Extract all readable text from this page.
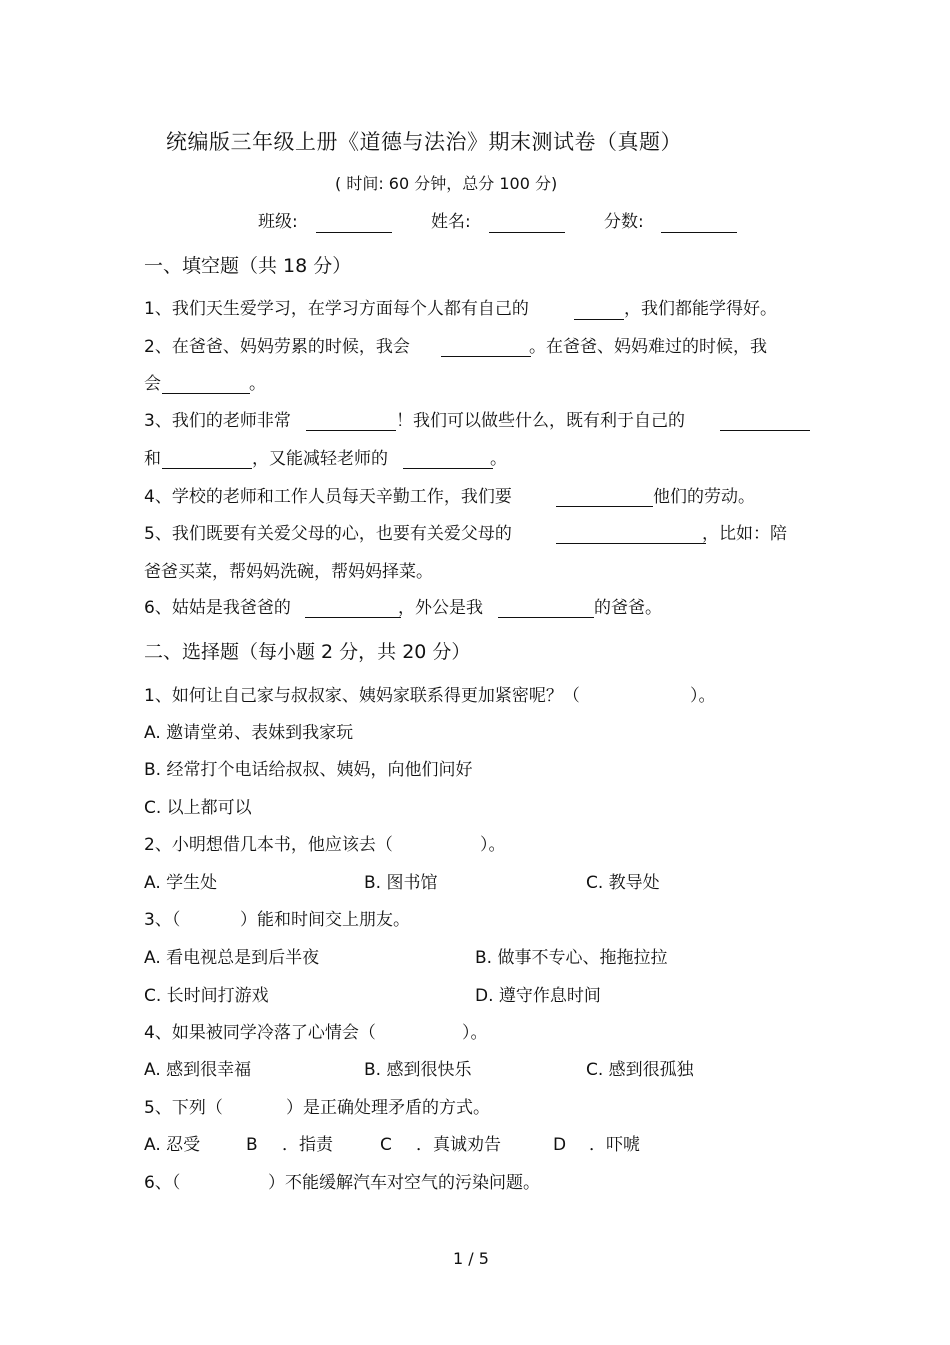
统编版三年级上册《道德与法治》期末测试卷（真题）
( 时间: 60 分钟，总分 100 分)
班级:	姓名:	分数:
一、填空题（共 18 分）
1、我们天生爱学习，在学习方面每个人都有自己的	，我们都能学得好。
2、在爸爸、妈妈劳累的时候，我会	。在爸爸、妈妈难过的时候，我
会	。
3、我们的老师非常	！我们可以做些什么，既有利于自己的
和	，又能减轻老师的	。
4、学校的老师和工作人员每天辛勤工作，我们要	他们的劳动。
5、我们既要有关爱父母的心，也要有关爱父母的	，比如：陪
爸爸买菜，帮妈妈洗碗，帮妈妈择菜。
6、姑姑是我爸爸的	，外公是我	的爸爸。
二、选择题（每小题 2 分，共 20 分）
1、如何让自己家与叔叔家、姨妈家联系得更加紧密呢？（	）。
A. 邀请堂弟、表妹到我家玩
B. 经常打个电话给叔叔、姨妈，向他们问好
C. 以上都可以
2、小明想借几本书，他应该去（	）。
A. 学生处	B. 图书馆	C. 教导处
3、（	）能和时间交上朋友。
A. 看电视总是到后半夜	B. 做事不专心、拖拖拉拉
C. 长时间打游戏	D. 遵守作息时间
4、如果被同学冷落了心情会（	）。
A. 感到很幸福	B. 感到很快乐	C. 感到很孤独
5、下列（	）是正确处理矛盾的方式。
A. 忍受	B ．指责	C ．真诚劝告	D ．吓唬
6、（	）不能缓解汽车对空气的污染问题。
1 / 5
